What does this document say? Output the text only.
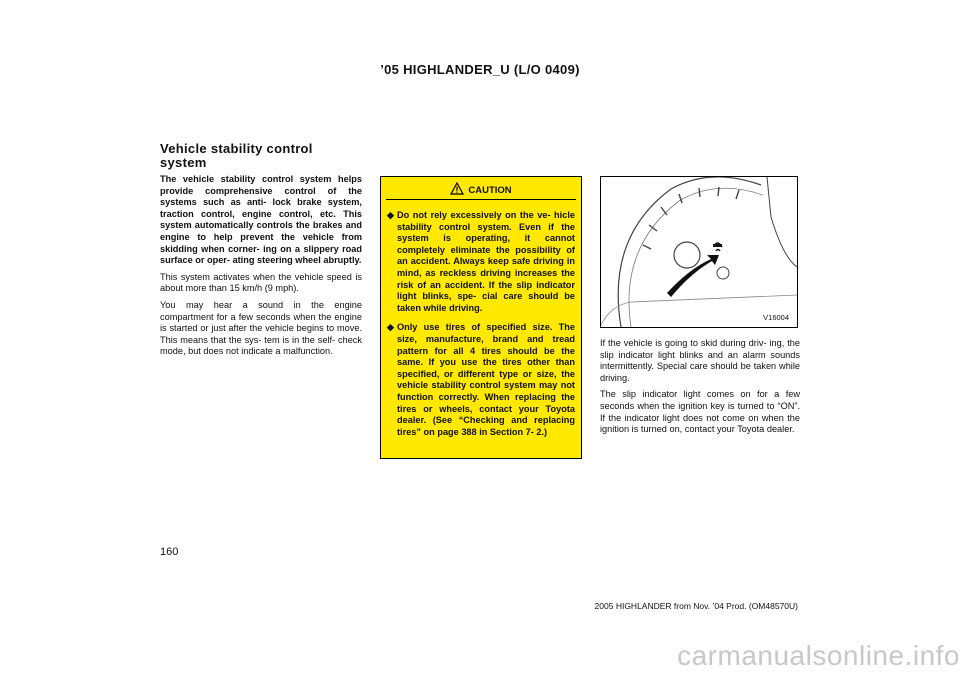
’05 HIGHLANDER_U (L/O 0409)
Vehicle stability control system

The vehicle stability control system helps provide comprehensive control of the systems such as anti- lock brake system, traction control, engine control, etc. This system automatically controls the brakes and engine to help prevent the vehicle from skidding when corner- ing on a slippery road surface or oper- ating steering wheel abruptly.

This system activates when the vehicle speed is about more than 15 km/h (9 mph).

You may hear a sound in the engine compartment for a few seconds when the engine is started or just after the vehicle begins to move. This means that the sys- tem is in the self- check mode, but does not indicate a malfunction.

CAUTION
◆ Do not rely excessively on the ve- hicle stability control system. Even if the system is operating, it cannot completely eliminate the possibility of an accident. Always keep safe driving in mind, as reckless driving increases the risk of an accident. If the slip indicator light blinks, spe- cial care should be taken while driving.
◆ Only use tires of specified size. The size, manufacture, brand and tread pattern for all 4 tires should be the same. If you use the tires other than specified, or different type or size, the vehicle stability control system may not function correctly. When replacing the tires or wheels, contact your Toyota dealer. (See “Checking and replacing tires” on page 388 in Section 7- 2.)
V16004

If the vehicle is going to skid during driv- ing, the slip indicator light blinks and an alarm sounds intermittently. Special care should be taken while driving.

The slip indicator light comes on for a few seconds when the ignition key is turned to “ON”. If the indicator light does not come on when the ignition is turned on, contact your Toyota dealer.

160
2005 HIGHLANDER from Nov. ’04 Prod. (OM48570U)
carmanualsonline.info
